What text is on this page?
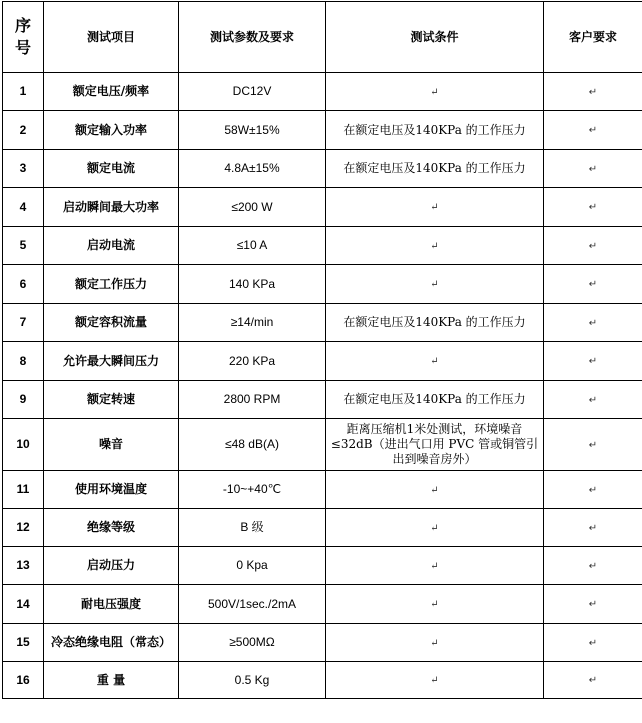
序号	测试项目	测试参数及要求	测试条件	客户要求
1	额定电压/频率	DC12V	↵	↵
2	额定输入功率	58W±15%	在额定电压及140KPa 的工作压力	↵
3	额定电流	4.8A±15%	在额定电压及140KPa 的工作压力	↵
4	启动瞬间最大功率	≤200 W	↵	↵
5	启动电流	≤10 A	↵	↵
6	额定工作压力	140 KPa	↵	↵
7	额定容积流量	≥14/min	在额定电压及140KPa 的工作压力	↵
8	允许最大瞬间压力	220 KPa	↵	↵
9	额定转速	2800 RPM	在额定电压及140KPa 的工作压力	↵
10	噪音	≤48 dB(A)	距离压缩机1米处测试，环境噪音≤32dB（进出气口用 PVC 管或铜管引出到噪音房外）	↵
11	使用环境温度	-10~+40℃	↵	↵
12	绝缘等级	B 级	↵	↵
13	启动压力	0 Kpa	↵	↵
14	耐电压强度	500V/1sec./2mA	↵	↵
15	冷态绝缘电阻（常态）	≥500MΩ	↵	↵
16	重 量	0.5 Kg	↵	↵
